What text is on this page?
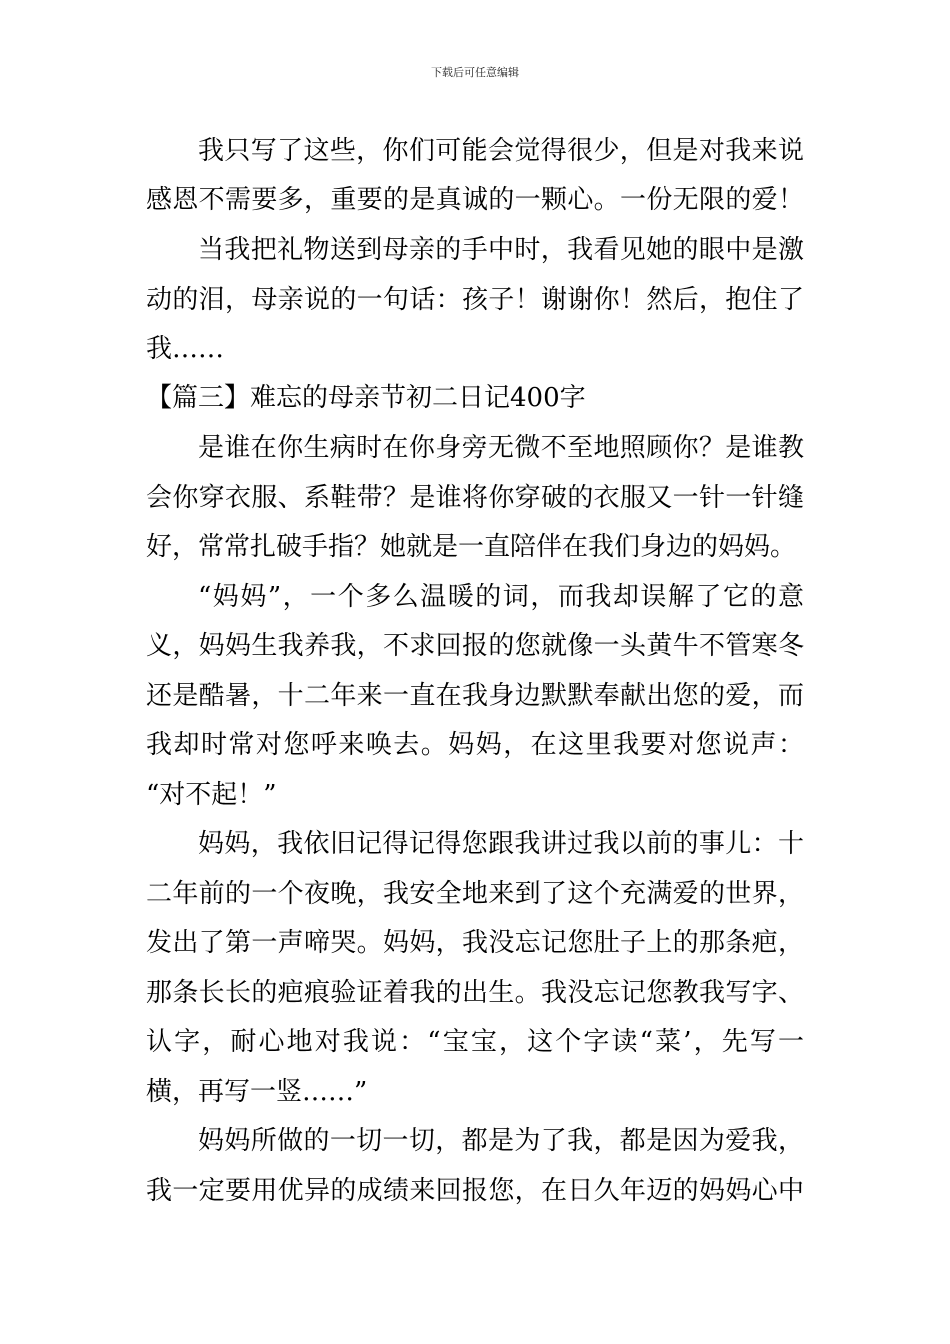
下载后可任意编辑
我只写了这些，你们可能会觉得很少，但是对我来说
感恩不需要多，重要的是真诚的一颗心。一份无限的爱！
当我把礼物送到母亲的手中时，我看见她的眼中是激
动的泪，母亲说的一句话：孩子！谢谢你！然后，抱住了
我……
【篇三】难忘的母亲节初二日记400字
是谁在你生病时在你身旁无微不至地照顾你？是谁教
会你穿衣服、系鞋带？是谁将你穿破的衣服又一针一针缝
好，常常扎破手指？她就是一直陪伴在我们身边的妈妈。
“妈妈”，一个多么温暖的词，而我却误解了它的意
义，妈妈生我养我，不求回报的您就像一头黄牛不管寒冬
还是酷暑，十二年来一直在我身边默默奉献出您的爱，而
我却时常对您呼来唤去。妈妈，在这里我要对您说声：
“对不起！”
妈妈，我依旧记得记得您跟我讲过我以前的事儿：十
二年前的一个夜晚，我安全地来到了这个充满爱的世界，
发出了第一声啼哭。妈妈，我没忘记您肚子上的那条疤，
那条长长的疤痕验证着我的出生。我没忘记您教我写字、
认字，耐心地对我说：“宝宝，这个字读“菜’，先写一
横，再写一竖……”
妈妈所做的一切一切，都是为了我，都是因为爱我，
我一定要用优异的成绩来回报您，在日久年迈的妈妈心中
